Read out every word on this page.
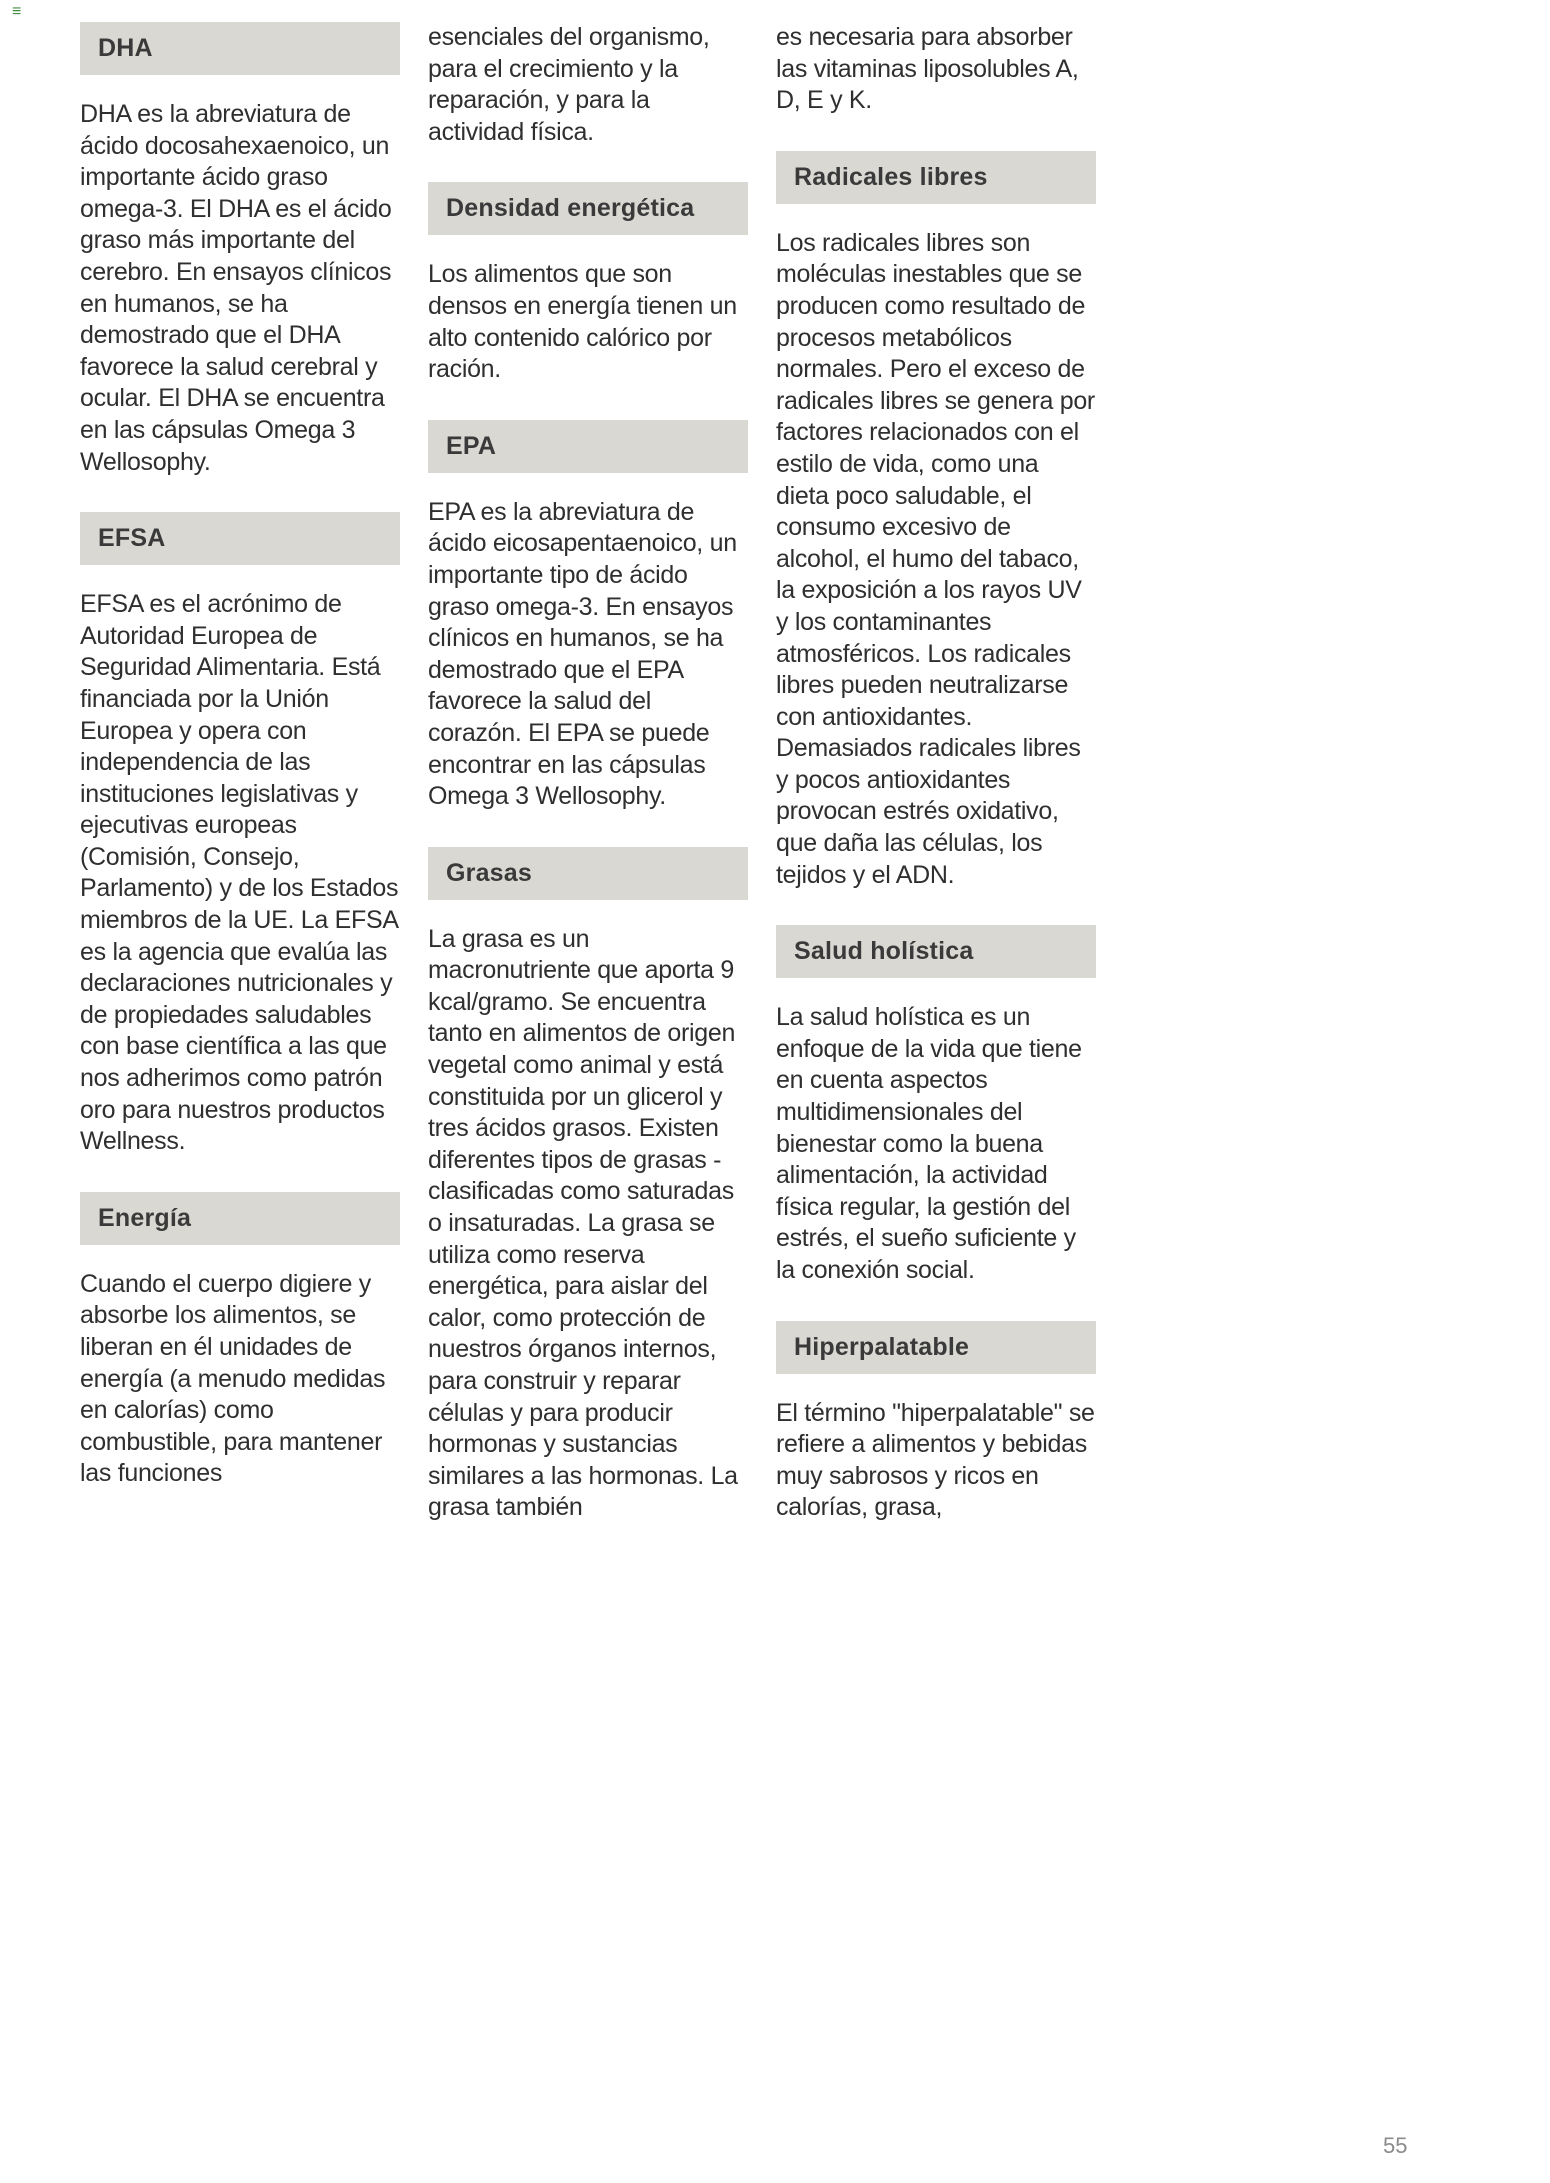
≡
DHA

DHA es la abreviatura de ácido docosahexaenoico, un importante ácido graso omega-3. El DHA es el ácido graso más importante del cerebro. En ensayos clínicos en humanos, se ha demostrado que el DHA favorece la salud cerebral y ocular. El DHA se encuentra en las cápsulas Omega 3 Wellosophy.

EFSA

EFSA es el acrónimo de Autoridad Europea de Seguridad Alimentaria. Está financiada por la Unión Europea y opera con independencia de las instituciones legislativas y ejecutivas europeas (Comisión, Consejo, Parlamento) y de los Estados miembros de la UE. La EFSA es la agencia que evalúa las declaraciones nutricionales y de propiedades saludables con base científica a las que nos adherimos como patrón oro para nuestros productos Wellness.

Energía

Cuando el cuerpo digiere y absorbe los alimentos, se liberan en él unidades de energía (a menudo medidas en calorías) como combustible, para mantener las funciones

esenciales del organismo, para el crecimiento y la reparación, y para la actividad física.

Densidad energética

Los alimentos que son densos en energía tienen un alto contenido calórico por ración.

EPA

EPA es la abreviatura de ácido eicosapentaenoico, un importante tipo de ácido graso omega-3. En ensayos clínicos en humanos, se ha demostrado que el EPA favorece la salud del corazón. El EPA se puede encontrar en las cápsulas Omega 3 Wellosophy.

Grasas

La grasa es un macronutriente que aporta 9 kcal/gramo. Se encuentra tanto en alimentos de origen vegetal como animal y está constituida por un glicerol y tres ácidos grasos. Existen diferentes tipos de grasas - clasificadas como saturadas o insaturadas. La grasa se utiliza como reserva energética, para aislar del calor, como protección de nuestros órganos internos, para construir y reparar células y para producir hormonas y sustancias similares a las hormonas. La grasa también

es necesaria para absorber las vitaminas liposolubles A, D, E y K.

Radicales libres

Los radicales libres son moléculas inestables que se producen como resultado de procesos metabólicos normales. Pero el exceso de radicales libres se genera por factores relacionados con el estilo de vida, como una dieta poco saludable, el consumo excesivo de alcohol, el humo del tabaco, la exposición a los rayos UV y los contaminantes atmosféricos. Los radicales libres pueden neutralizarse con antioxidantes. Demasiados radicales libres y pocos antioxidantes provocan estrés oxidativo, que daña las células, los tejidos y el ADN.

Salud holística

La salud holística es un enfoque de la vida que tiene en cuenta aspectos multidimensionales del bienestar como la buena alimentación, la actividad física regular, la gestión del estrés, el sueño suficiente y la conexión social.

Hiperpalatable

El término "hiperpalatable" se refiere a alimentos y bebidas muy sabrosos y ricos en calorías, grasa,

55
